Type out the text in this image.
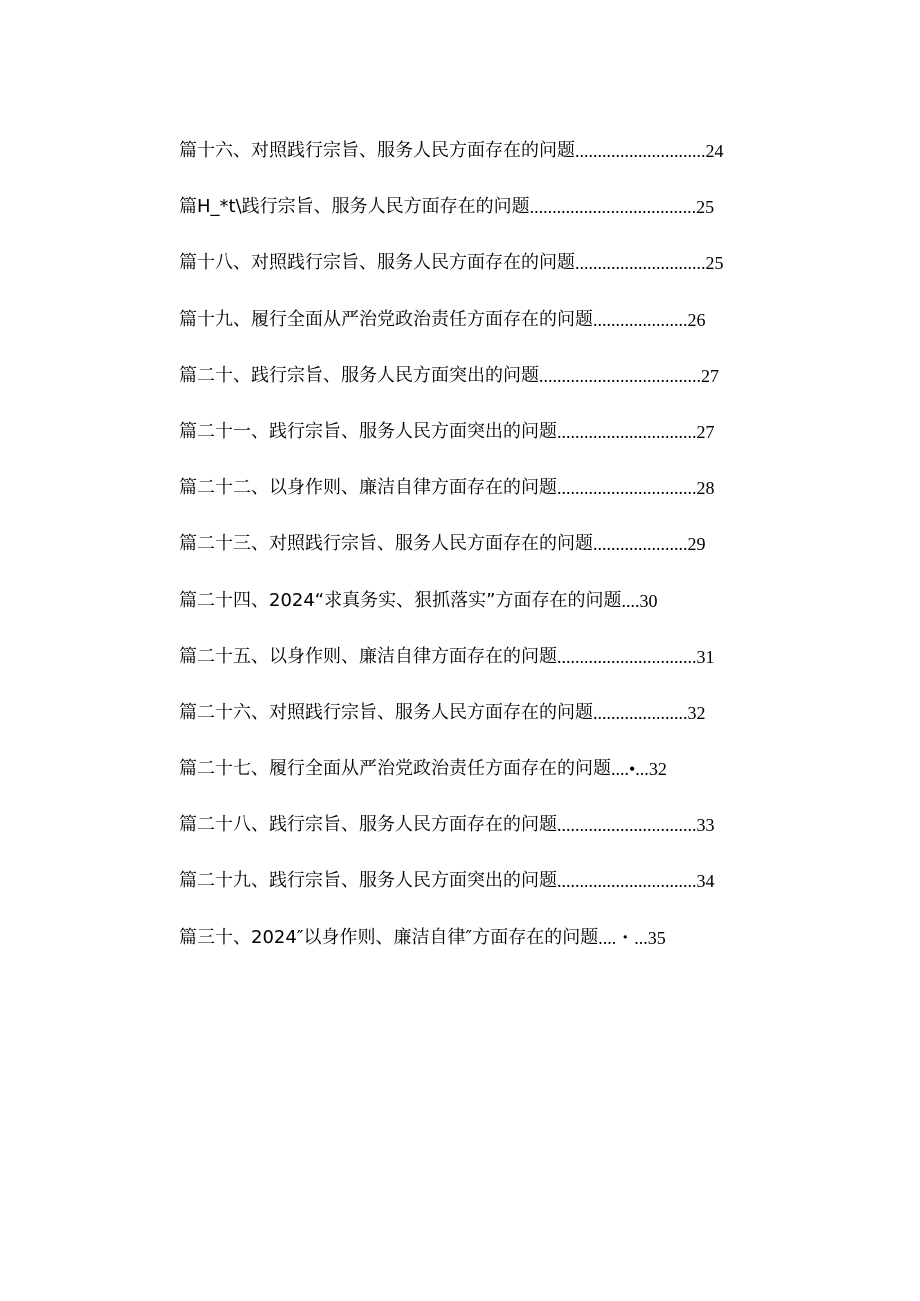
篇十六、对照践行宗旨、服务人民方面存在的问题.............................24
篇H_*t\践行宗旨、服务人民方面存在的问题.....................................25
篇十八、对照践行宗旨、服务人民方面存在的问题.............................25
篇十九、履行全面从严治党政治责任方面存在的问题.....................26
篇二十、践行宗旨、服务人民方面突出的问题....................................27
篇二十一、践行宗旨、服务人民方面突出的问题...............................27
篇二十二、以身作则、廉洁自律方面存在的问题...............................28
篇二十三、对照践行宗旨、服务人民方面存在的问题.....................29
篇二十四、2024“求真务实、狠抓落实”方面存在的问题....30
篇二十五、以身作则、廉洁自律方面存在的问题...............................31
篇二十六、对照践行宗旨、服务人民方面存在的问题.....................32
篇二十七、履行全面从严治党政治责任方面存在的问题....•...32
篇二十八、践行宗旨、服务人民方面存在的问题...............................33
篇二十九、践行宗旨、服务人民方面突出的问题...............................34
篇三十、2024″以身作则、廉洁自律″方面存在的问题....・...35
